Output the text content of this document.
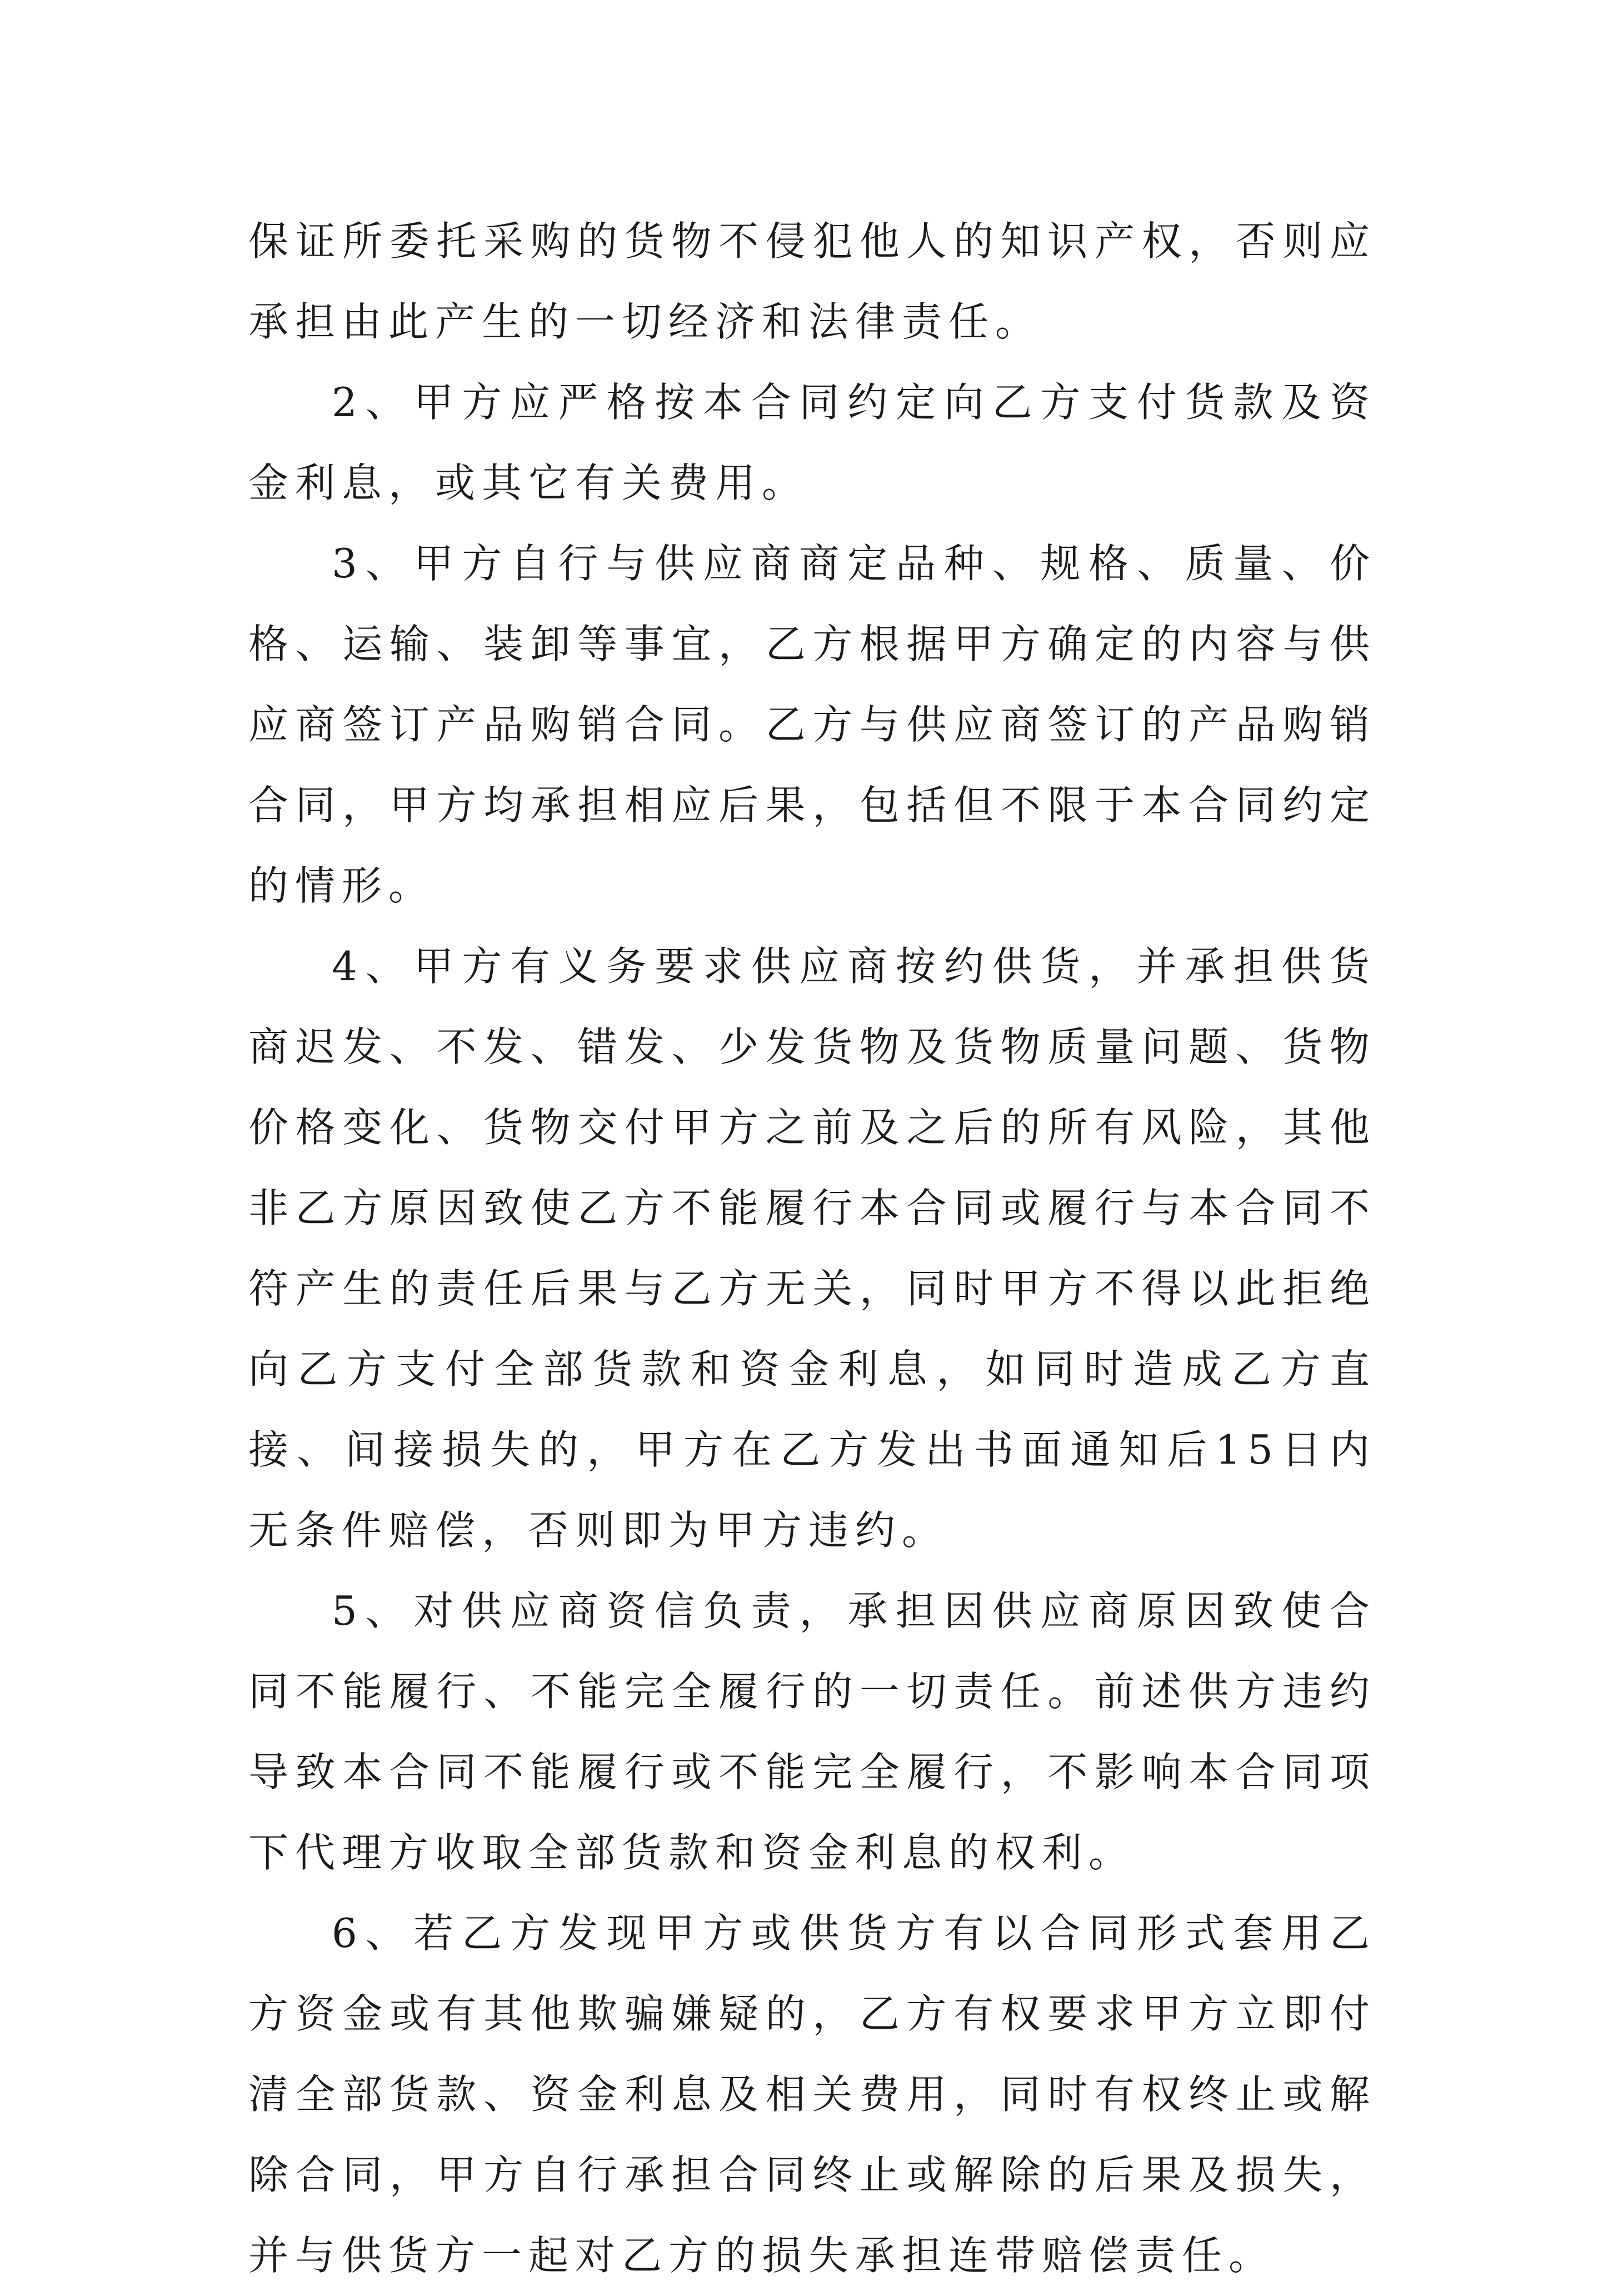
保证所委托采购的货物不侵犯他人的知识产权，否则应承担由此产生的一切经济和法律责任。

2、甲方应严格按本合同约定向乙方支付货款及资金利息，或其它有关费用。

3、甲方自行与供应商商定品种、规格、质量、价格、运输、装卸等事宜，乙方根据甲方确定的内容与供应商签订产品购销合同。乙方与供应商签订的产品购销合同，甲方均承担相应后果，包括但不限于本合同约定的情形。

4、甲方有义务要求供应商按约供货，并承担供货商迟发、不发、错发、少发货物及货物质量问题、货物价格变化、货物交付甲方之前及之后的所有风险，其他非乙方原因致使乙方不能履行本合同或履行与本合同不符产生的责任后果与乙方无关，同时甲方不得以此拒绝向乙方支付全部货款和资金利息，如同时造成乙方直接、间接损失的，甲方在乙方发出书面通知后15日内无条件赔偿，否则即为甲方违约。

5、对供应商资信负责，承担因供应商原因致使合同不能履行、不能完全履行的一切责任。前述供方违约导致本合同不能履行或不能完全履行，不影响本合同项下代理方收取全部货款和资金利息的权利。

6、若乙方发现甲方或供货方有以合同形式套用乙方资金或有其他欺骗嫌疑的，乙方有权要求甲方立即付清全部货款、资金利息及相关费用，同时有权终止或解除合同，甲方自行承担合同终止或解除的后果及损失，并与供货方一起对乙方的损失承担连带赔偿责任。
